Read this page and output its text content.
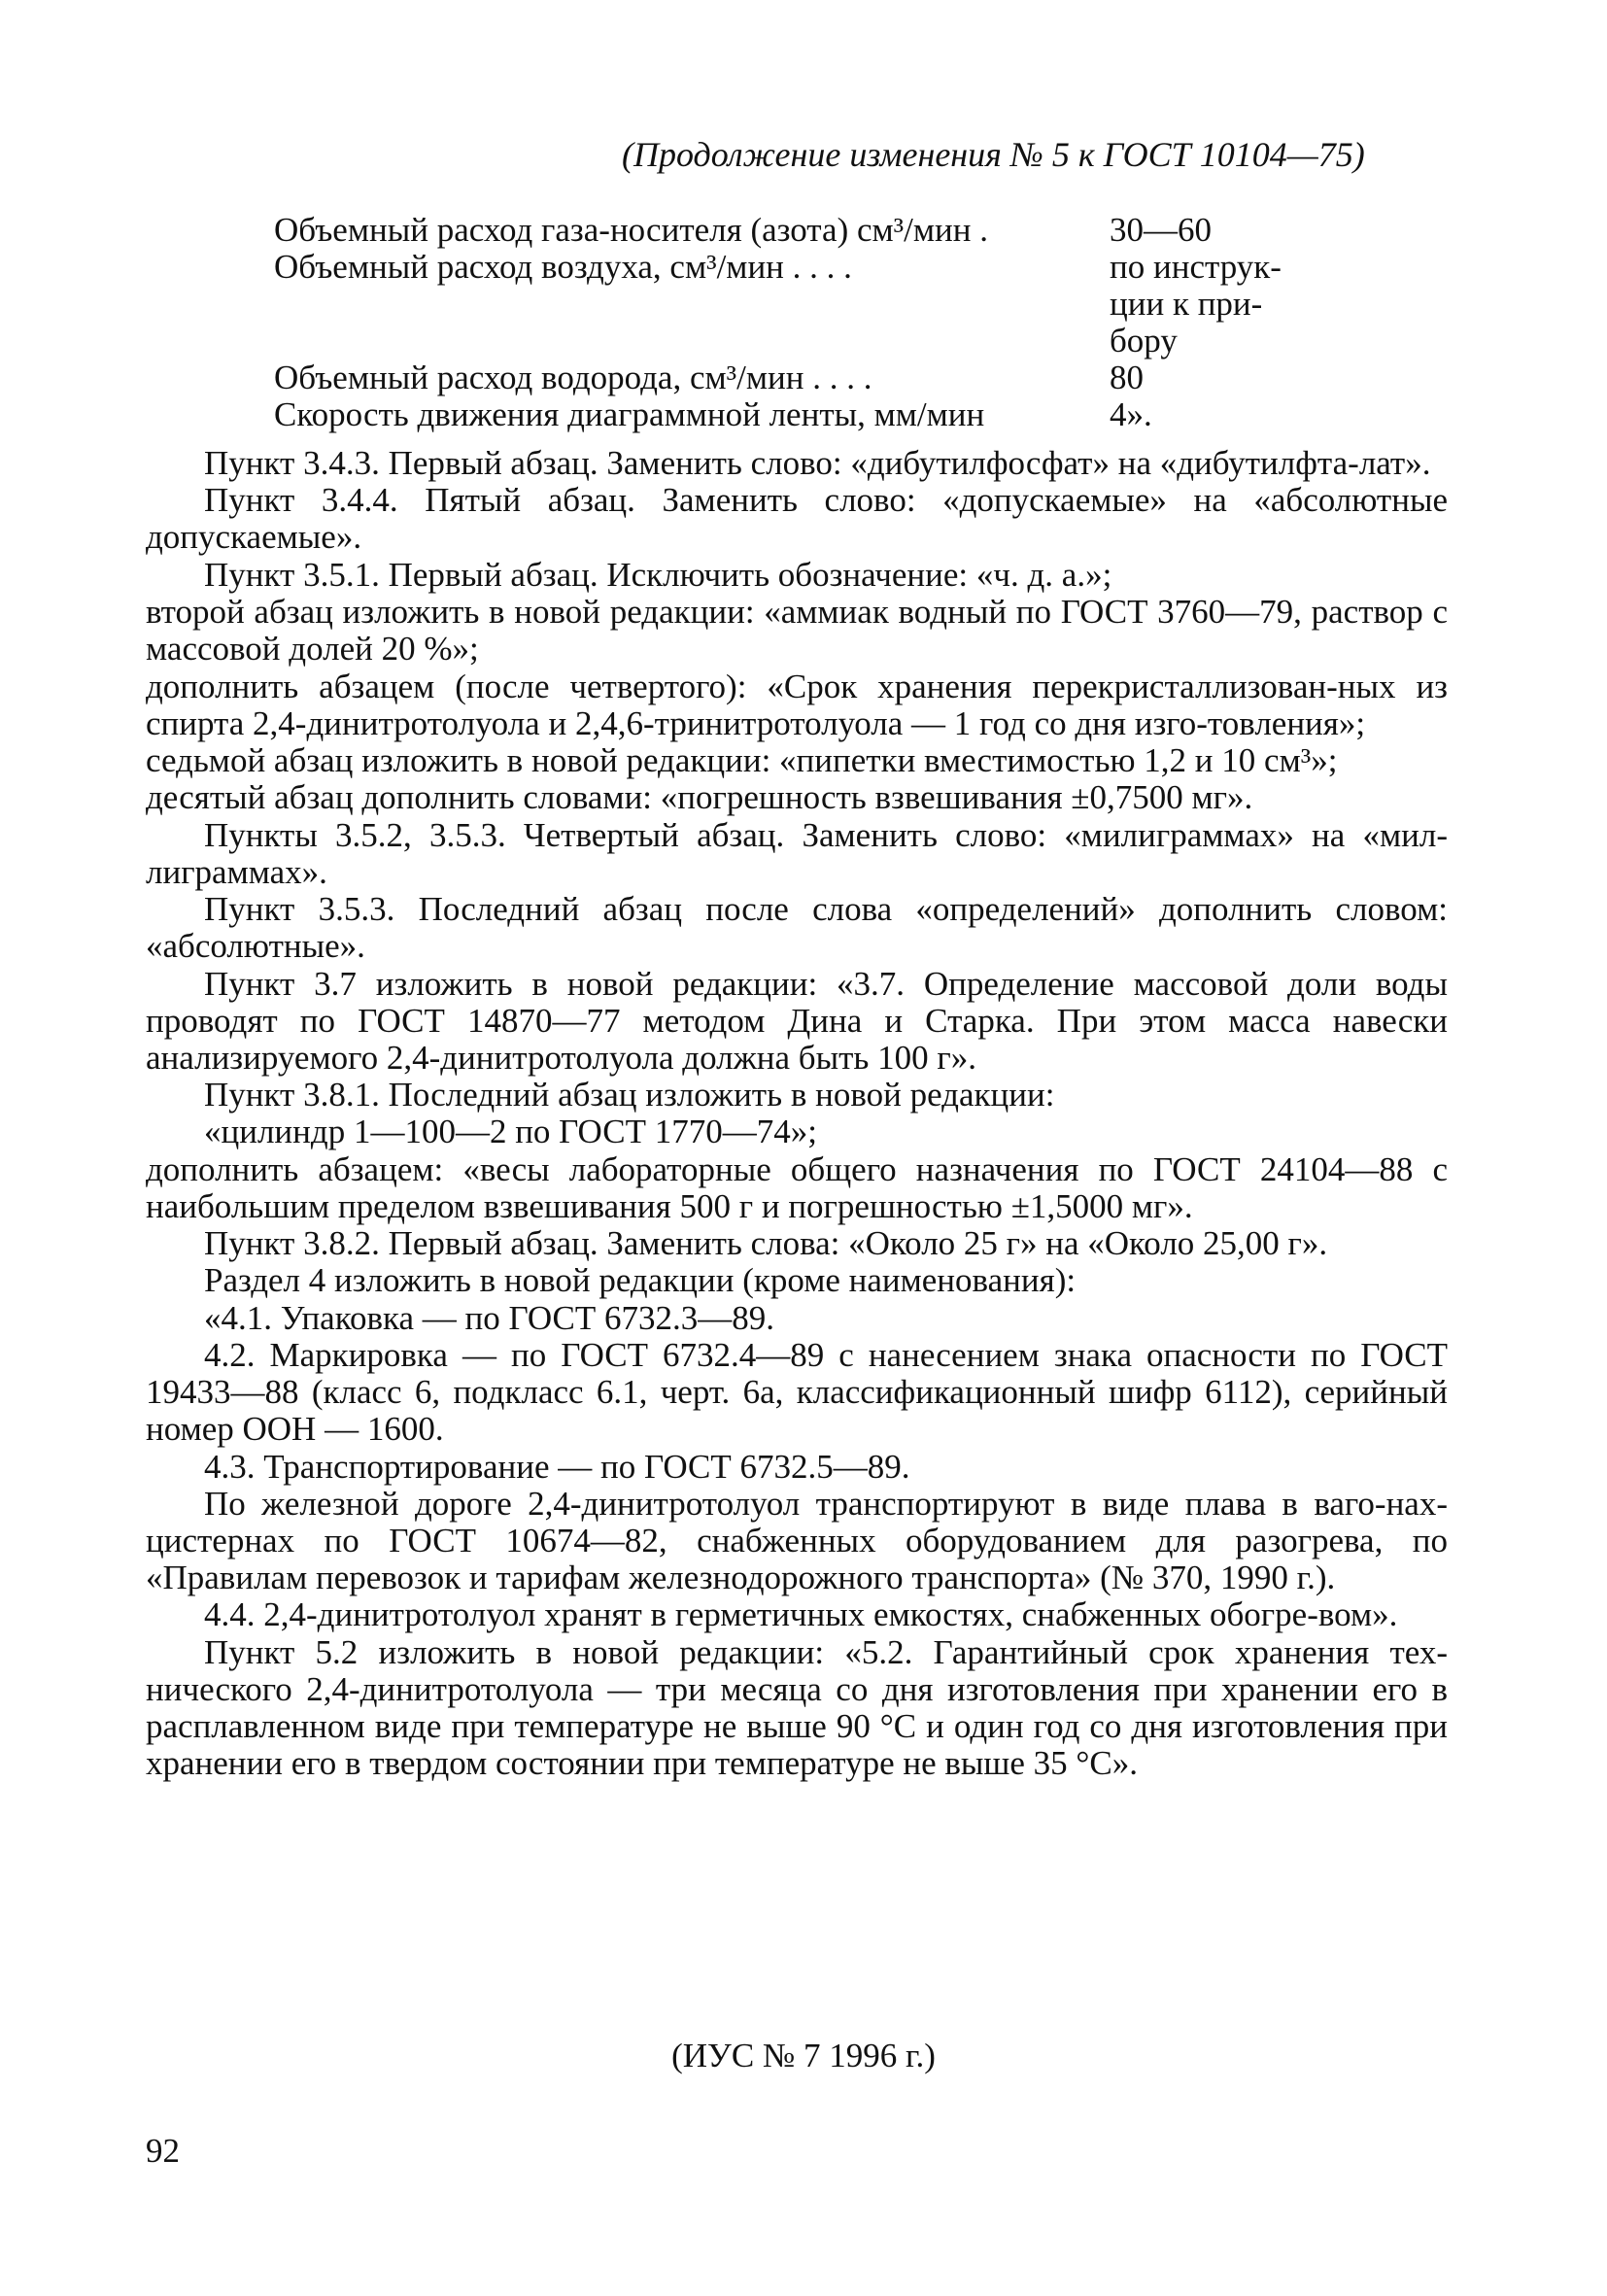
(Продолжение изменения № 5 к ГОСТ 10104—75)
Объемный расход газа-носителя (азота) см³/мин .	30—60
Объемный расход воздуха, см³/мин . . . .	по инструк-ции к при-бору
Объемный расход водорода, см³/мин . . . .	80
Скорость движения диаграммной ленты, мм/мин	4».

Пункт 3.4.3. Первый абзац. Заменить слово: «дибутилфосфат» на «дибутилфта-лат».

Пункт 3.4.4. Пятый абзац. Заменить слово: «допускаемые» на «абсолютные допускаемые».

Пункт 3.5.1. Первый абзац. Исключить обозначение: «ч. д. а.»;

второй абзац изложить в новой редакции: «аммиак водный по ГОСТ 3760—79, раствор с массовой долей 20 %»;

дополнить абзацем (после четвертого): «Срок хранения перекристаллизован-ных из спирта 2,4-динитротолуола и 2,4,6-тринитротолуола — 1 год со дня изго-товления»;

седьмой абзац изложить в новой редакции: «пипетки вместимостью 1,2 и 10 см³»;

десятый абзац дополнить словами: «погрешность взвешивания ±0,7500 мг».

Пункты 3.5.2, 3.5.3. Четвертый абзац. Заменить слово: «милиграммах» на «мил-лиграммах».

Пункт 3.5.3. Последний абзац после слова «определений» дополнить словом: «абсолютные».

Пункт 3.7 изложить в новой редакции: «3.7. Определение массовой доли воды проводят по ГОСТ 14870—77 методом Дина и Старка. При этом масса навески анализируемого 2,4-динитротолуола должна быть 100 г».

Пункт 3.8.1. Последний абзац изложить в новой редакции:

«цилиндр 1—100—2 по ГОСТ 1770—74»;

дополнить абзацем: «весы лабораторные общего назначения по ГОСТ 24104—88 с наибольшим пределом взвешивания 500 г и погрешностью ±1,5000 мг».

Пункт 3.8.2. Первый абзац. Заменить слова: «Около 25 г» на «Около 25,00 г».

Раздел 4 изложить в новой редакции (кроме наименования):

«4.1. Упаковка — по ГОСТ 6732.3—89.

4.2. Маркировка — по ГОСТ 6732.4—89 с нанесением знака опасности по ГОСТ 19433—88 (класс 6, подкласс 6.1, черт. 6а, классификационный шифр 6112), серийный номер ООН — 1600.

4.3. Транспортирование — по ГОСТ 6732.5—89.

По железной дороге 2,4-динитротолуол транспортируют в виде плава в ваго-нах-цистернах по ГОСТ 10674—82, снабженных оборудованием для разогрева, по «Правилам перевозок и тарифам железнодорожного транспорта» (№ 370, 1990 г.).

4.4. 2,4-динитротолуол хранят в герметичных емкостях, снабженных обогре-вом».

Пункт 5.2 изложить в новой редакции: «5.2. Гарантийный срок хранения тех-нического 2,4-динитротолуола — три месяца со дня изготовления при хранении его в расплавленном виде при температуре не выше 90 °С и один год со дня изготовления при хранении его в твердом состоянии при температуре не выше 35 °С».

(ИУС № 7 1996 г.)
92
